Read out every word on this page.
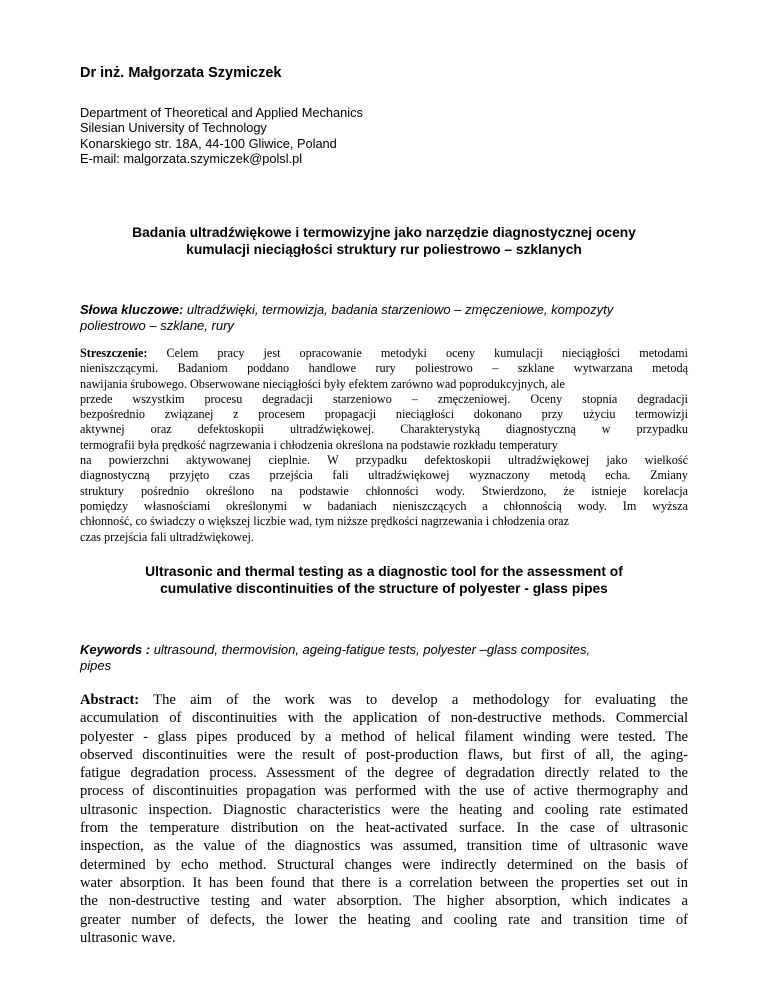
Dr inż. Małgorzata Szymiczek
Department of Theoretical and Applied Mechanics
Silesian University of Technology
Konarskiego str. 18A, 44-100 Gliwice, Poland
E-mail: malgorzata.szymiczek@polsl.pl
Badania ultradźwiękowe i termowizyjne jako narzędzie diagnostycznej oceny
kumulacji nieciągłości struktury rur poliestrowo – szklanych
Słowa kluczowe: ultradźwięki, termowizja, badania starzeniowo – zmęczeniowe, kompozyty
poliestrowo – szklane, rury
Streszczenie: Celem pracy jest opracowanie metodyki oceny kumulacji nieciągłości metodami
nieniszczącymi. Badaniom poddano handlowe rury poliestrowo – szklane wytwarzana metodą
nawijania śrubowego. Obserwowane nieciągłości były efektem zarówno wad poprodukcyjnych, ale
przede wszystkim procesu degradacji starzeniowo – zmęczeniowej. Oceny stopnia degradacji
bezpośrednio związanej z procesem propagacji nieciągłości dokonano przy użyciu termowizji
aktywnej oraz defektoskopii ultradźwiękowej. Charakterystyką diagnostyczną w przypadku
termografii była prędkość nagrzewania i chłodzenia określona na podstawie rozkładu temperatury
na powierzchni aktywowanej cieplnie. W przypadku defektoskopii ultradźwiękowej jako wielkość
diagnostyczną przyjęto czas przejścia fali ultradźwiękowej wyznaczony metodą echa. Zmiany
struktury pośrednio określono na podstawie chłonności wody. Stwierdzono, że istnieje korelacja
pomiędzy własnościami określonymi w badaniach nieniszczących a chłonnością wody. Im wyższa
chłonność, co świadczy o większej liczbie wad, tym niższe prędkości nagrzewania i chłodzenia oraz
czas przejścia fali ultradźwiękowej.
Ultrasonic and thermal testing as a diagnostic tool for the assessment of
cumulative discontinuities of the structure of polyester - glass pipes
Keywords : ultrasound, thermovision, ageing-fatigue tests, polyester –glass composites,
pipes
Abstract: The aim of the work was to develop a methodology for evaluating the
accumulation of discontinuities with the application of non-destructive methods. Commercial
polyester - glass pipes produced by a method of helical filament winding were tested. The
observed discontinuities were the result of post-production flaws, but first of all, the aging-
fatigue degradation process. Assessment of the degree of degradation directly related to the
process of discontinuities propagation was performed with the use of active thermography and
ultrasonic inspection. Diagnostic characteristics were the heating and cooling rate estimated
from the temperature distribution on the heat-activated surface. In the case of ultrasonic
inspection, as the value of the diagnostics was assumed, transition time of ultrasonic wave
determined by echo method. Structural changes were indirectly determined on the basis of
water absorption. It has been found that there is a correlation between the properties set out in
the non-destructive testing and water absorption. The higher absorption, which indicates a
greater number of defects, the lower the heating and cooling rate and transition time of
ultrasonic wave.
